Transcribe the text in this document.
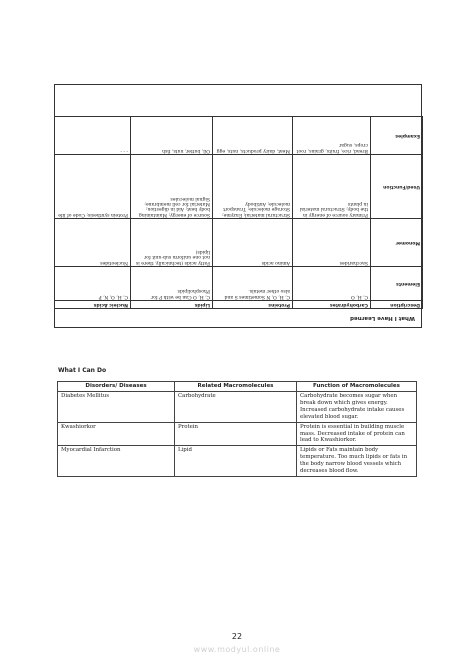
What I Have Learned
Description	Carbohydrates	Proteins	Lipids	Nucleic Acids
Elements	C, H, O	C, H, O, N Sometimes S and also other metals.	C, H, O Can be with P for Phospholipids	C, H, O, N, P
Monomer	Saccharides	Amino acids	Fatty acids (technically, there is not one uniform sub-unit for lipids)	Nucleotides
Used/Function	Primary source of energy in the body; Structural material in plants	Structural material; Enzyme; Storage molecule; Transport molecule; Antibody	Source of energy; Maintaining body heat; Aid in digestion; Material for cell membrane; Signal molecules	Protein synthesis; Code of life
Examples	Bread, rice, fruits, grains, root crops, sugar	Meat, dairy products, nuts, egg	Oil, butter, nuts, fish	- - -
What I Can Do
Disorders/ Diseases	Related Macromolecules	Function of Macromolecules
Diabetes Mellitus	Carbohydrate	Carbohydrate becomes sugar when break down which gives energy. Increased carbohydrate intake causes elevated blood sugar.
Kwashiorkor	Protein	Protein is essential in building muscle mass. Decreased intake of protein can lead to Kwashiorkor.
Myocardial Infarction	Lipid	Lipids or Fats maintain body temperature. Too much lipids or fats in the body narrow blood vessels which decreases blood flow.
22
www.modyul.online
